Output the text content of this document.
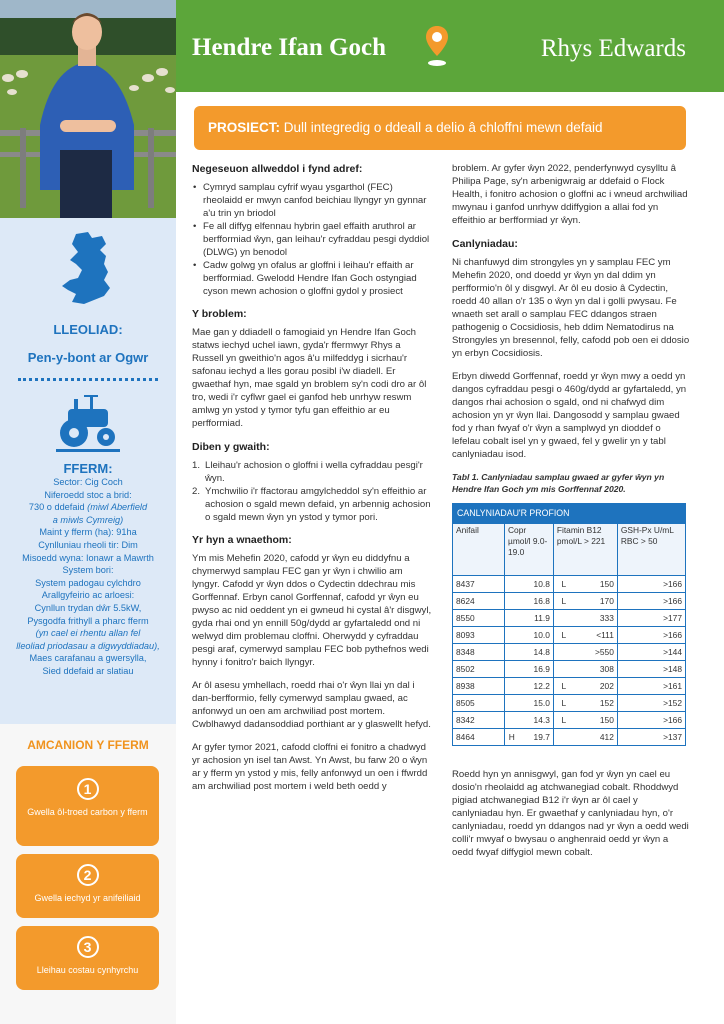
LLEOLIAD:
Pen-y-bont ar Ogwr
FFERM:
Sector: Cig Coch
Niferoedd stoc a brid:
730 o ddefaid (miwl Aberfield
a miwls Cymreig)
Maint y fferm (ha): 91ha
Cynlluniau rheoli tir: Dim
Misoedd wyna: Ionawr a Mawrth
System bori:
System padogau cylchdro
Arallgyfeirio ac arloesi:
Cynllun trydan dŵr 5.5kW,
Pysgodfa frithyll a pharc fferm
(yn cael ei rhentu allan fel
lleoliad priodasau a digwyddiadau),
Maes carafanau a gwersylla,
Sied ddefaid ar slatiau
AMCANION Y FFERM
1
Gwella ôl-troed carbon y fferm
2
Gwella iechyd yr anifeiliaid
3
Lleihau costau cynhyrchu
Hendre Ifan Goch	Rhys Edwards
PROSIECT: Dull integredig o ddeall a delio â chloffni mewn defaid
Negeseuon allweddol i fynd adref:
• Cymryd samplau cyfrif wyau ysgarthol (FEC) rheolaidd er mwyn canfod beichiau llyngyr yn gynnar a'u trin yn briodol
• Fe all diffyg elfennau hybrin gael effaith aruthrol ar berfformiad ŵyn, gan leihau'r cyfraddau pesgi dyddiol (DLWG) yn benodol
• Cadw golwg yn ofalus ar gloffni i leihau'r effaith ar berfformiad. Gwelodd Hendre Ifan Goch ostyngiad cyson mewn achosion o gloffni gydol y prosiect
Y broblem:
Mae gan y ddiadell o famogiaid yn Hendre Ifan Goch statws iechyd uchel iawn, gyda'r ffermwyr Rhys a Russell yn gweithio'n agos â'u milfeddyg i sicrhau'r safonau iechyd a lles gorau posibl i'w diadell. Er gwaethaf hyn, mae sgald yn broblem sy'n codi dro ar ôl tro, wedi i'r cyflwr gael ei ganfod heb unrhyw reswm amlwg yn ystod y tymor tyfu gan effeithio ar eu perfformiad.
Diben y gwaith:
1. Lleihau'r achosion o gloffni i wella cyfraddau pesgi'r ŵyn.
2. Ymchwilio i'r ffactorau amgylcheddol sy'n effeithio ar achosion o sgald mewn defaid, yn arbennig achosion o sgald mewn ŵyn yn ystod y tymor pori.
Yr hyn a wnaethom:
Ym mis Mehefin 2020, cafodd yr ŵyn eu diddyfnu a chymerwyd samplau FEC gan yr ŵyn i chwilio am lyngyr. Cafodd yr ŵyn ddos o Cydectin ddechrau mis Gorffennaf. Erbyn canol Gorffennaf, cafodd yr ŵyn eu pwyso ac nid oeddent yn ei gwneud hi cystal â'r disgwyl, gyda rhai ond yn ennill 50g/dydd ar gyfartaledd ond ni welwyd dim problemau cloffni. Oherwydd y cyfraddau pesgi araf, cymerwyd samplau FEC bob pythefnos wedi hynny i fonitro'r baich llyngyr.
Ar ôl asesu ymhellach, roedd rhai o'r ŵyn llai yn dal i dan-berfformio, felly cymerwyd samplau gwaed, ac anfonwyd un oen am archwiliad post mortem. Cwblhawyd dadansoddiad porthiant ar y glaswellt hefyd.
Ar gyfer tymor 2021, cafodd cloffni ei fonitro a chadwyd yr achosion yn isel tan Awst. Yn Awst, bu farw 20 o ŵyn ar y fferm yn ystod y mis, felly anfonwyd un oen i ffwrdd am archwiliad post mortem i weld beth oedd y
broblem. Ar gyfer ŵyn 2022, penderfynwyd cysylltu â Philipa Page, sy'n arbenigwraig ar ddefaid o Flock Health, i fonitro achosion o gloffni ac i wneud archwiliad mwynau i ganfod unrhyw ddiffygion a allai fod yn effeithio ar berfformiad yr ŵyn.
Canlyniadau:
Ni chanfuwyd dim strongyles yn y samplau FEC ym Mehefin 2020, ond doedd yr ŵyn yn dal ddim yn perfformio'n ôl y disgwyl. Ar ôl eu dosio â Cydectin, roedd 40 allan o'r 135 o ŵyn yn dal i golli pwysau. Fe wnaeth set arall o samplau FEC ddangos straen pathogenig o Cocsidiosis, heb ddim Nematodirus na Strongyles yn bresennol, felly, cafodd pob oen ei ddosio yn erbyn Cocsidiosis.
Erbyn diwedd Gorffennaf, roedd yr ŵyn mwy a oedd yn dangos cyfraddau pesgi o 460g/dydd ar gyfartaledd, yn dangos rhai achosion o sgald, ond ni chafwyd dim achosion yn yr ŵyn llai. Dangosodd y samplau gwaed fod y rhan fwyaf o'r ŵyn a samplwyd yn dioddef o lefelau cobalt isel yn y gwaed, fel y gwelir yn y tabl canlyniadau isod.
Tabl 1. Canlyniadau samplau gwaed ar gyfer ŵyn yn Hendre Ifan Goch ym mis Gorffennaf 2020.
CANLYNIADAU'R PROFION				
Anifail	Copr µmol/l 9.0-19.0		Fitamin B12 pmol/L > 221	GSH-Px U/mL RBC > 50
8437		10.8	L 150	>166
8624		16.8	L 170	>166
8550		11.9	333	>177
8093		10.0	L <111	>166
8348		14.8	>550	>144
8502		16.9	308	>148
8938		12.2	L 202	>161
8505		15.0	L 152	>152
8342		14.3	L 150	>166
8464	H	19.7	412	>137
Roedd hyn yn annisgwyl, gan fod yr ŵyn yn cael eu dosio'n rheolaidd ag atchwanegiad cobalt. Rhoddwyd pigiad atchwanegiad B12 i'r ŵyn ar ôl cael y canlyniadau hyn. Er gwaethaf y canlyniadau hyn, o'r canlyniadau, roedd yn ddangos nad yr ŵyn a oedd wedi colli'r mwyaf o bwysau o anghenraid oedd yr ŵyn a oedd fwyaf diffygiol mewn cobalt.
